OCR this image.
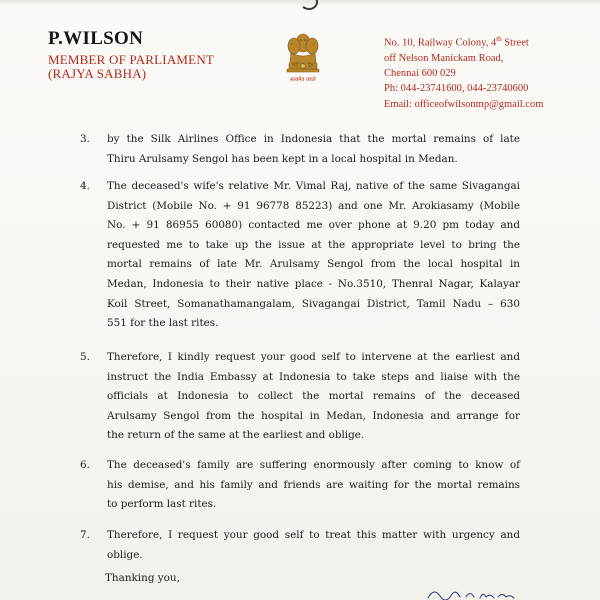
P.WILSON
MEMBER OF PARLIAMENT
(RAJYA SABHA)	सत्यमेव जयते
No. 10, Railway Colony, 4th Street
off Nelson Manickam Road,
Chennai 600 029
Ph: 044-23741600, 044-23740600
Email: officeofwilsonmp@gmail.com
3. by the Silk Airlines Office in Indonesia that the mortal remains of late
Thiru Arulsamy Sengol has been kept in a local hospital in Medan.
4. The deceased's wife's relative Mr. Vimal Raj, native of the same Sivagangai
District (Mobile No. + 91 96778 85223) and one Mr. Arokiasamy (Mobile
No. + 91 86955 60080) contacted me over phone at 9.20 pm today and
requested me to take up the issue at the appropriate level to bring the
mortal remains of late Mr. Arulsamy Sengol from the local hospital in
Medan, Indonesia to their native place - No.3510, Thenral Nagar, Kalayar
Koil Street, Somanathamangalam, Sivagangai District, Tamil Nadu – 630
551 for the last rites.
5. Therefore, I kindly request your good self to intervene at the earliest and
instruct the India Embassy at Indonesia to take steps and liaise with the
officials at Indonesia to collect the mortal remains of the deceased
Arulsamy Sengol from the hospital in Medan, Indonesia and arrange for
the return of the same at the earliest and oblige.
6. The deceased's family are suffering enormously after coming to know of
his demise, and his family and friends are waiting for the mortal remains
to perform last rites.
7. Therefore, I request your good self to treat this matter with urgency and
oblige.
Thanking you,
